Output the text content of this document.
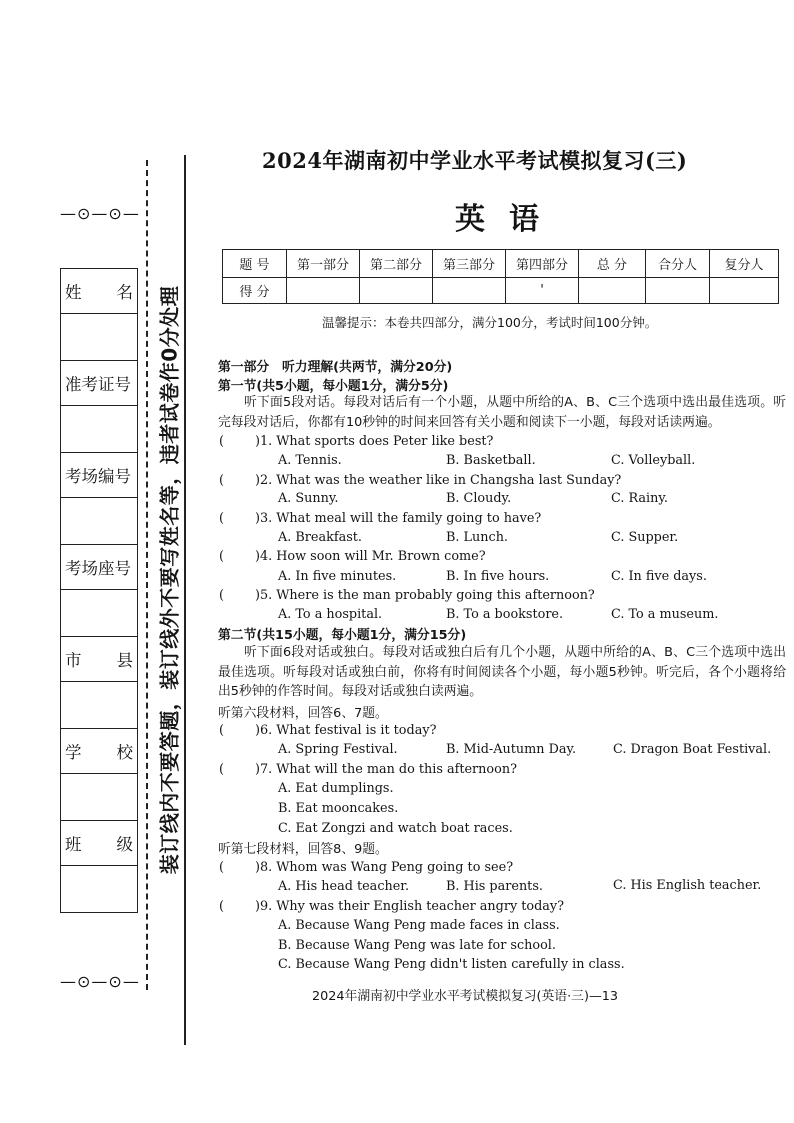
—⊙—⊙—
—⊙—⊙—
姓名

准考证号

考场编号

考场座号

市县

学校

班级 装订线内不要答题，装订线外不要写姓名等，违者试卷作0分处理
2024年湖南初中学业水平考试模拟复习(三)
英语
题 号	第一部分	第二部分	第三部分	第四部分	总 分	合分人	复分人
得 分				'			
温馨提示：本卷共四部分，满分100分，考试时间100分钟。
第一部分　听力理解(共两节，满分20分)
第一节(共5小题，每小题1分，满分5分)
听下面5段对话。每段对话后有一个小题，从题中所给的A、B、C三个选项中选出最佳选项。听完每段对话后，你都有10秒钟的时间来回答有关小题和阅读下一小题，每段对话读两遍。
( )1. What sports does Peter like best?
A. Tennis.	B. Basketball.	C. Volleyball.
( )2. What was the weather like in Changsha last Sunday?
A. Sunny.	B. Cloudy.	C. Rainy.
( )3. What meal will the family going to have?
A. Breakfast.	B. Lunch.	C. Supper.
( )4. How soon will Mr. Brown come?
A. In five minutes.	B. In five hours.	C. In five days.
( )5. Where is the man probably going this afternoon?
A. To a hospital.	B. To a bookstore.	C. To a museum.
第二节(共15小题，每小题1分，满分15分)
听下面6段对话或独白。每段对话或独白后有几个小题，从题中所给的A、B、C三个选项中选出最佳选项。听每段对话或独白前，你将有时间阅读各个小题，每小题5秒钟。听完后，各个小题将给出5秒钟的作答时间。每段对话或独白读两遍。
听第六段材料，回答6、7题。
( )6. What festival is it today?
A. Spring Festival.	B. Mid-Autumn Day.	C. Dragon Boat Festival.
( )7. What will the man do this afternoon?
A. Eat dumplings.
B. Eat mooncakes.
C. Eat Zongzi and watch boat races.
听第七段材料，回答8、9题。
( )8. Whom was Wang Peng going to see?
A. His head teacher.	B. His parents.	C. His English teacher.
( )9. Why was their English teacher angry today?
A. Because Wang Peng made faces in class.
B. Because Wang Peng was late for school.
C. Because Wang Peng didn't listen carefully in class.
2024年湖南初中学业水平考试模拟复习(英语·三)—13
